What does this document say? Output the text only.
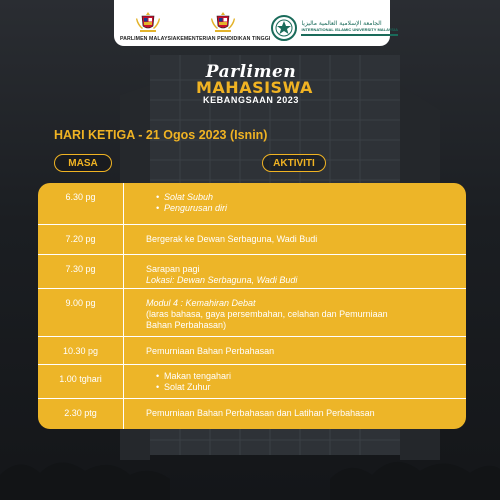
PARLIMEN MALAYSIA KEMENTERIAN PENDIDIKAN TINGGI
الجامعة الإسلامية العالمية ماليزيا
INTERNATIONAL ISLAMIC UNIVERSITY MALAYSIA
Parlimen
MAHASISWA
KEBANGSAAN 2023
HARI KETIGA - 21 Ogos 2023 (Isnin)
MASA	AKTIVITI
6.30 pg	• Solat Subuh
• Pengurusan diri
7.20 pg	Bergerak ke Dewan Serbaguna, Wadi Budi
7.30 pg	Sarapan pagi
Lokasi: Dewan Serbaguna, Wadi Budi
9.00 pg	Modul 4 : Kemahiran Debat
(laras bahasa, gaya persembahan, celahan dan Pemurniaan
Bahan Perbahasan)
10.30 pg	Pemurniaan Bahan Perbahasan
1.00 tghari	• Makan tengahari
• Solat Zuhur
2.30 ptg	Pemurniaan Bahan Perbahasan dan Latihan Perbahasan
